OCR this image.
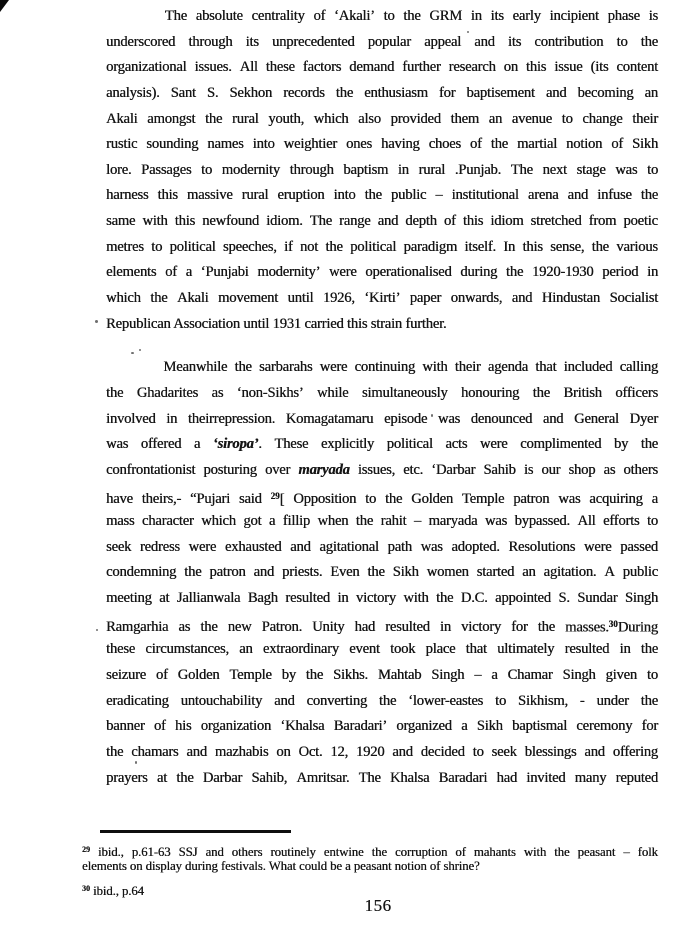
The absolute centrality of ‘Akali’ to the GRM in its early incipient phase is
underscored through its unprecedented popular appeal and its contribution to the
organizational issues. All these factors demand further research on this issue (its content
analysis). Sant S. Sekhon records the enthusiasm for baptisement and becoming an
Akali amongst the rural youth, which also provided them an avenue to change their
rustic sounding names into weightier ones having choes of the martial notion of Sikh
lore. Passages to modernity through baptism in rural .Punjab. The next stage was to
harness this massive rural eruption into the public – institutional arena and infuse the
same with this newfound idiom. The range and depth of this idiom stretched from poetic
metres to political speeches, if not the political paradigm itself. In this sense, the various
elements of a ‘Punjabi modernity’ were operationalised during the 1920-1930 period in
which the Akali movement until 1926, ‘Kirti’ paper onwards, and Hindustan Socialist
Republican Association until 1931 carried this strain further.
Meanwhile the sarbarahs were continuing with their agenda that included calling
the Ghadarites as ‘non-Sikhs’ while simultaneously honouring the British officers
involved in theirrepression. Komagatamaru episode was denounced and General Dyer
was offered a ‘siropa’. These explicitly political acts were complimented by the
confrontationist posturing over maryada issues, etc. ‘Darbar Sahib is our shop as others
have theirs,- “Pujari said $^{29}$[ Opposition to the Golden Temple patron was acquiring a
mass character which got a fillip when the rahit – maryada was bypassed. All efforts to
seek redress were exhausted and agitational path was adopted. Resolutions were passed
condemning the patron and priests. Even the Sikh women started an agitation. A public
meeting at Jallianwala Bagh resulted in victory with the D.C. appointed S. Sundar Singh
Ramgarhia as the new Patron. Unity had resulted in victory for the masses.$^{30}$During
these circumstances, an extraordinary event took place that ultimately resulted in the
seizure of Golden Temple by the Sikhs. Mahtab Singh – a Chamar Singh given to
eradicating untouchability and converting the ‘lower-eastes to Sikhism, - under the
banner of his organization ‘Khalsa Baradari’ organized a Sikh baptismal ceremony for
the chamars and mazhabis on Oct. 12, 1920 and decided to seek blessings and offering
prayers at the Darbar Sahib, Amritsar. The Khalsa Baradari had invited many reputed
$^{29}$ ibid., p.61-63 SSJ and others routinely entwine the corruption of mahants with the peasant – folk
elements on display during festivals. What could be a peasant notion of shrine?
$^{30}$ ibid., p.64
156
